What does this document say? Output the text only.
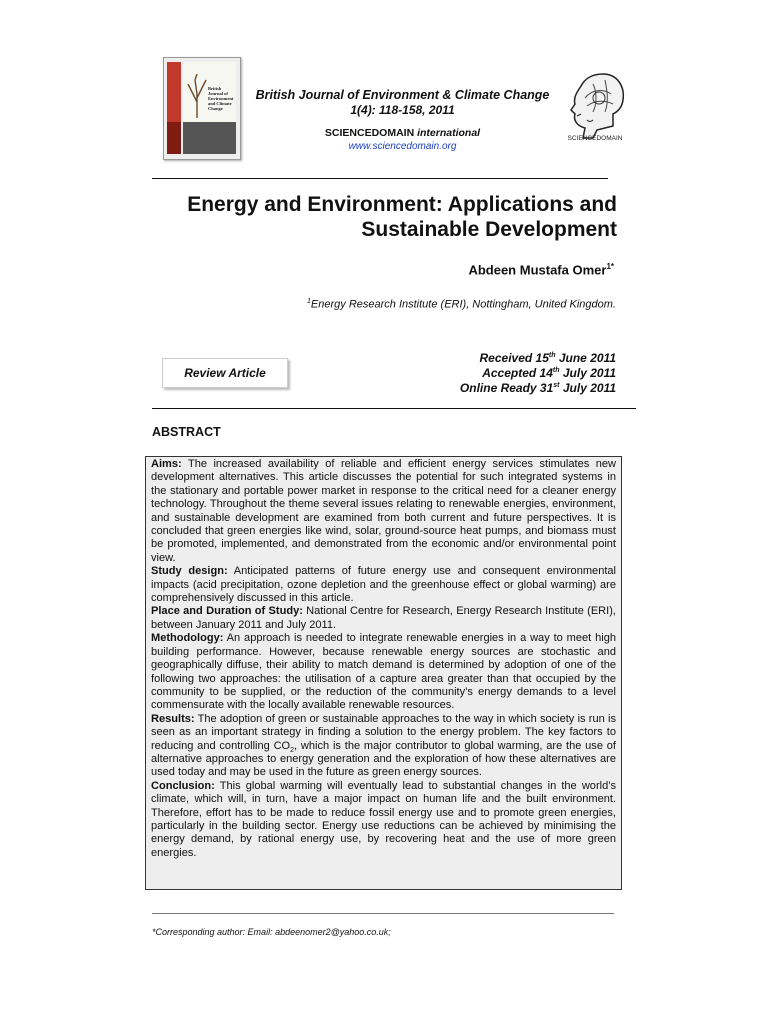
British Journal of Environment and Climate Change
British Journal of Environment & Climate Change
1(4): 118-158, 2011
SCIENCEDOMAIN international
www.sciencedomain.org
SCIENCEDOMAIN
Energy and Environment: Applications and Sustainable Development
Abdeen Mustafa Omer$^{1*}$
$^1$Energy Research Institute (ERI), Nottingham, United Kingdom.
Review Article
Received 15th June 2011
Accepted 14th July 2011
Online Ready 31st July 2011
ABSTRACT

Aims: The increased availability of reliable and efficient energy services stimulates new development alternatives. This article discusses the potential for such integrated systems in the stationary and portable power market in response to the critical need for a cleaner energy technology. Throughout the theme several issues relating to renewable energies, environment, and sustainable development are examined from both current and future perspectives. It is concluded that green energies like wind, solar, ground-source heat pumps, and biomass must be promoted, implemented, and demonstrated from the economic and/or environmental point view.

Study design: Anticipated patterns of future energy use and consequent environmental impacts (acid precipitation, ozone depletion and the greenhouse effect or global warming) are comprehensively discussed in this article.

Place and Duration of Study: National Centre for Research, Energy Research Institute (ERI), between January 2011 and July 2011.

Methodology: An approach is needed to integrate renewable energies in a way to meet high building performance. However, because renewable energy sources are stochastic and geographically diffuse, their ability to match demand is determined by adoption of one of the following two approaches: the utilisation of a capture area greater than that occupied by the community to be supplied, or the reduction of the community’s energy demands to a level commensurate with the locally available renewable resources.

Results: The adoption of green or sustainable approaches to the way in which society is run is seen as an important strategy in finding a solution to the energy problem. The key factors to reducing and controlling $CO_2$, which is the major contributor to global warming, are the use of alternative approaches to energy generation and the exploration of how these alternatives are used today and may be used in the future as green energy sources.

Conclusion: This global warming will eventually lead to substantial changes in the world’s climate, which will, in turn, have a major impact on human life and the built environment. Therefore, effort has to be made to reduce fossil energy use and to promote green energies, particularly in the building sector. Energy use reductions can be achieved by minimising the energy demand, by rational energy use, by recovering heat and the use of more green energies.

*Corresponding author: Email: abdeenomer2@yahoo.co.uk;
